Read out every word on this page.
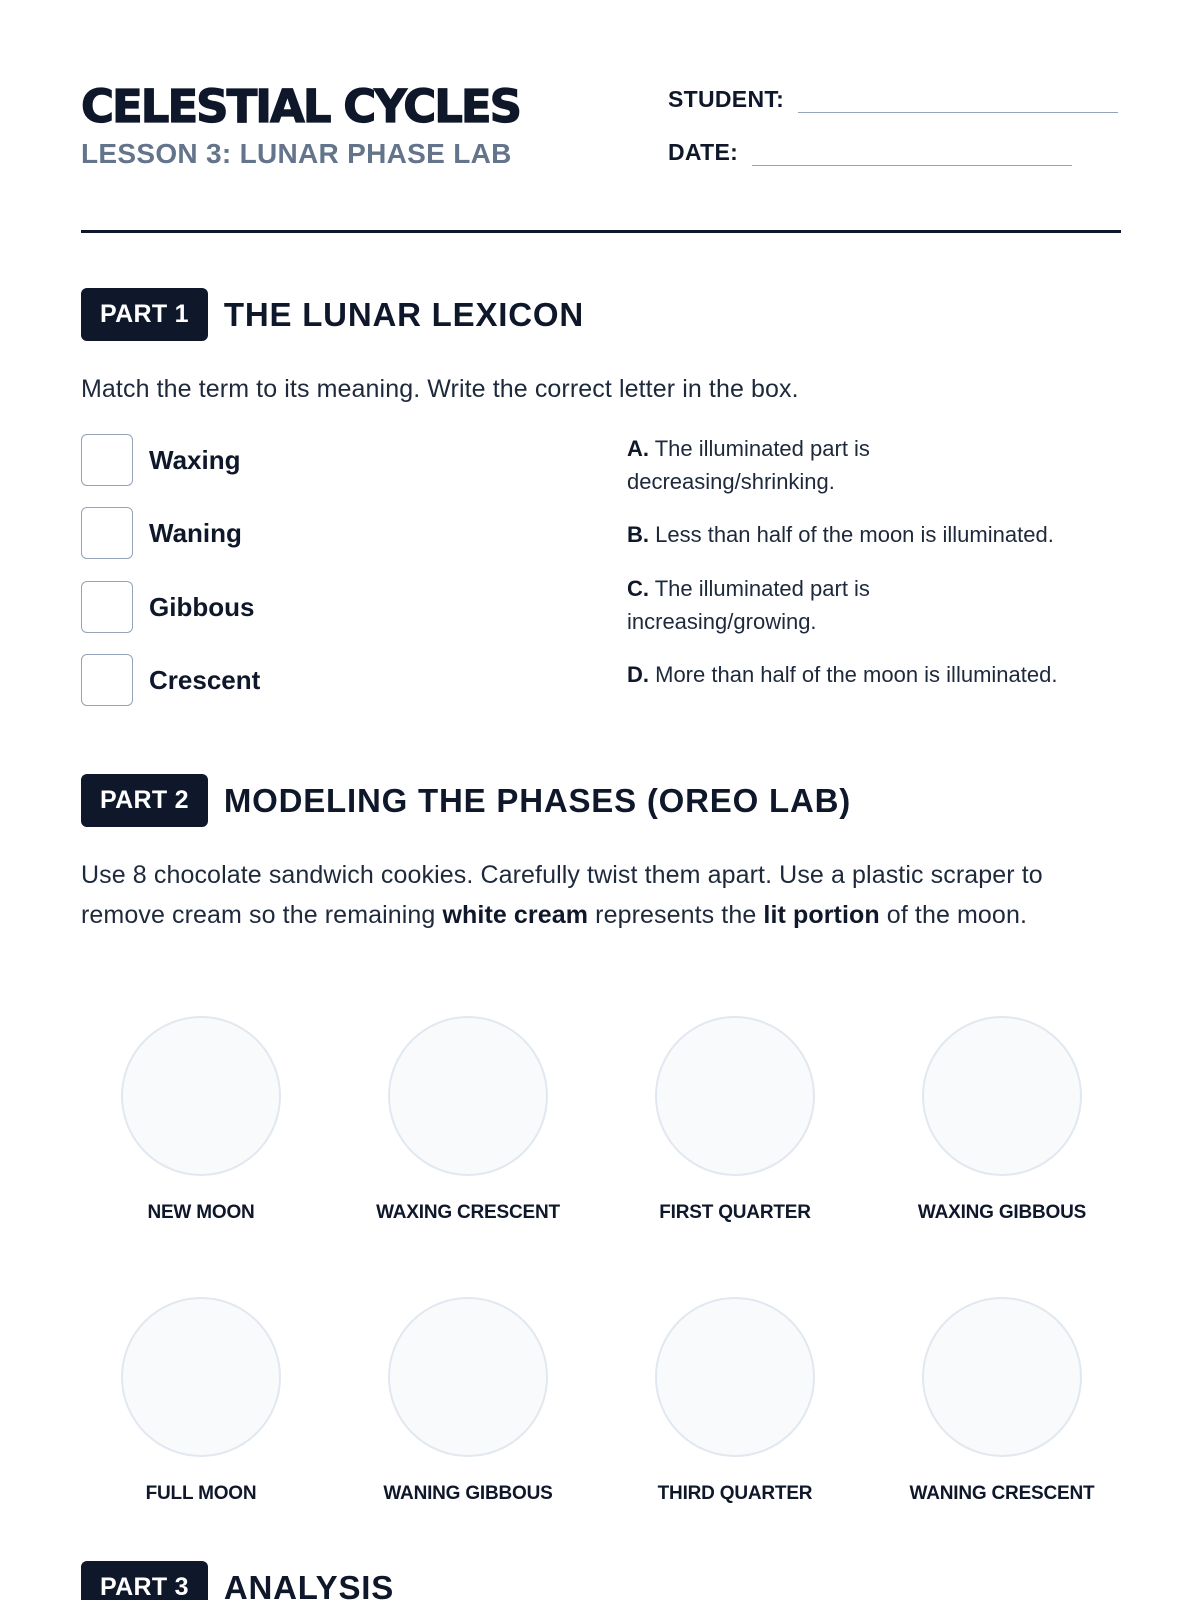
CELESTIAL CYCLES
LESSON 3: LUNAR PHASE LAB
STUDENT:
DATE:
PART 1	THE LUNAR LEXICON
Match the term to its meaning. Write the correct letter in the box.
Waxing
Waning
Gibbous
Crescent
A. The illuminated part is decreasing/shrinking.
B. Less than half of the moon is illuminated.
C. The illuminated part is increasing/growing.
D. More than half of the moon is illuminated.
PART 2	MODELING THE PHASES (OREO LAB)
Use 8 chocolate sandwich cookies. Carefully twist them apart. Use a plastic scraper to remove cream so the remaining white cream represents the lit portion of the moon.
NEW MOON	WAXING CRESCENT	FIRST QUARTER	WAXING GIBBOUS
FULL MOON	WANING GIBBOUS	THIRD QUARTER	WANING CRESCENT
PART 3	ANALYSIS
